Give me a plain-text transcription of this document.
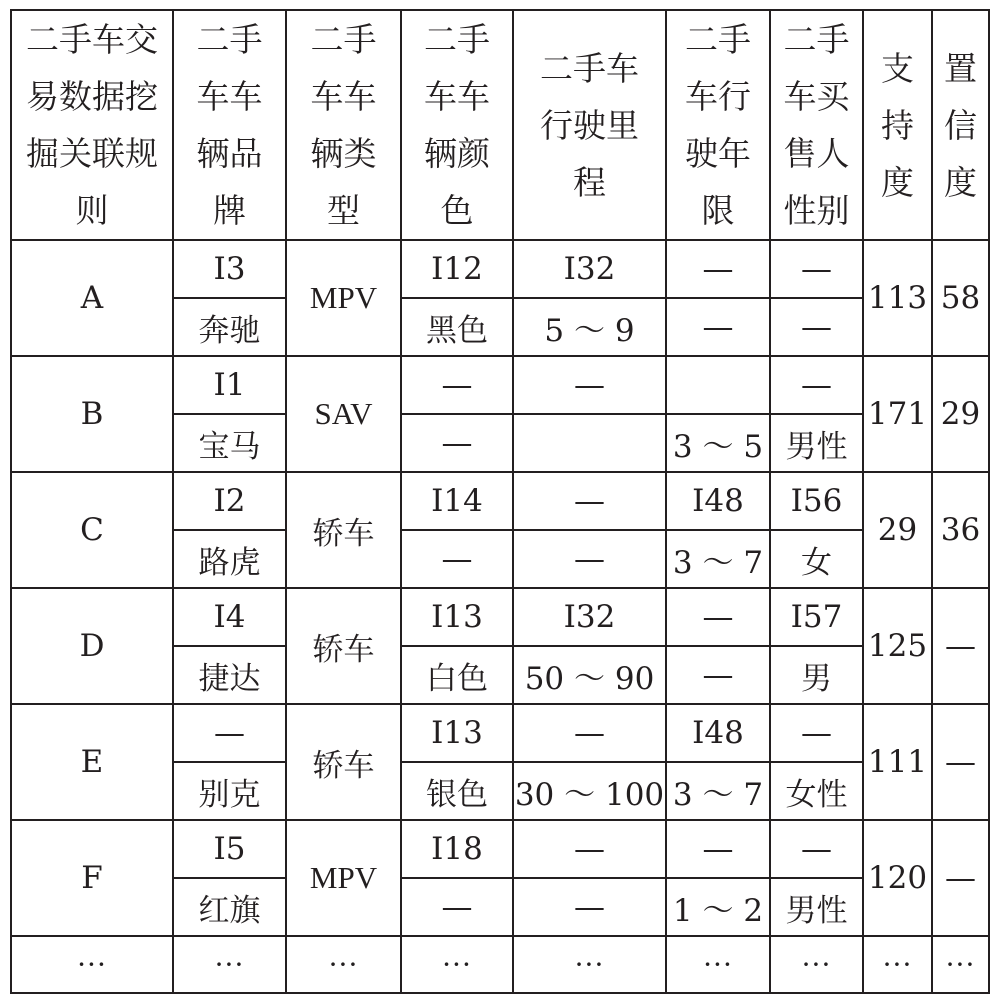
二手车交
易数据挖
掘关联规
则	二手
车车
辆品
牌	二手
车车
辆类
型	二手
车车
辆颜
色	二手车
行驶里
程	二手
车行
驶年
限	二手
车买
售人
性别	支
持
度	置
信
度

A	I3	MPV	I12	I32	—	—	113	58
	奔驰		黑色	5 ～ 9	—	—		
B	I1	SAV	—	—		—	171	29
	宝马		—		3 ～ 5	男性		
C	I2	轿车	I14	—	I48	I56	29	36
	路虎		—	—	3 ～ 7	女		
D	I4	轿车	I13	I32	—	I57	125	—
	捷达		白色	50 ～ 90	—	男		
E	—	轿车	I13	—	I48	—	111	—
	别克		银色	30 ～ 100	3 ～ 7	女性		
F	I5	MPV	I18	—	—	—	120	—
	红旗		—	—	1 ～ 2	男性		
···	···	···	···	···	···	···	···	···
